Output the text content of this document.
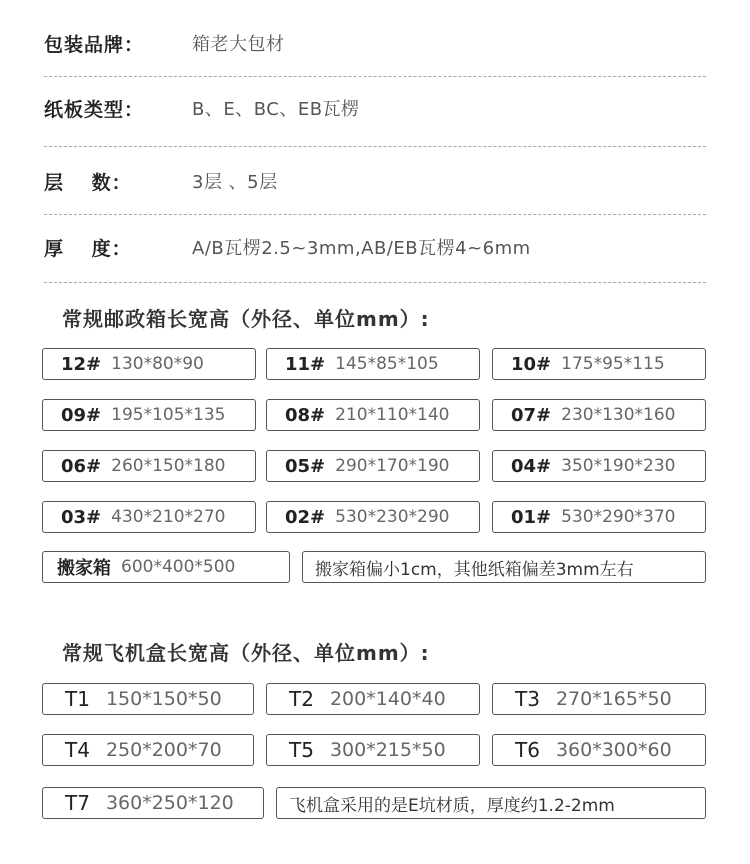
包装品牌：	箱老大包材
纸板类型：	B、E、BC、EB瓦楞
层　 数：	3层 、5层
厚　 度：	A/B瓦楞2.5~3mm,AB/EB瓦楞4~6mm
常规邮政箱长宽高（外径、单位mm）:
12# 130*80*90	11# 145*85*105	10# 175*95*115
09# 195*105*135	08# 210*110*140	07# 230*130*160
06# 260*150*180	05# 290*170*190	04# 350*190*230
03# 430*210*270	02# 530*230*290	01# 530*290*370
搬家箱 600*400*500	搬家箱偏小1cm，其他纸箱偏差3mm左右
常规飞机盒长宽高（外径、单位mm）:
T1 150*150*50	T2 200*140*40	T3 270*165*50
T4 250*200*70	T5 300*215*50	T6 360*300*60
T7 360*250*120	飞机盒采用的是E坑材质，厚度约1.2-2mm
